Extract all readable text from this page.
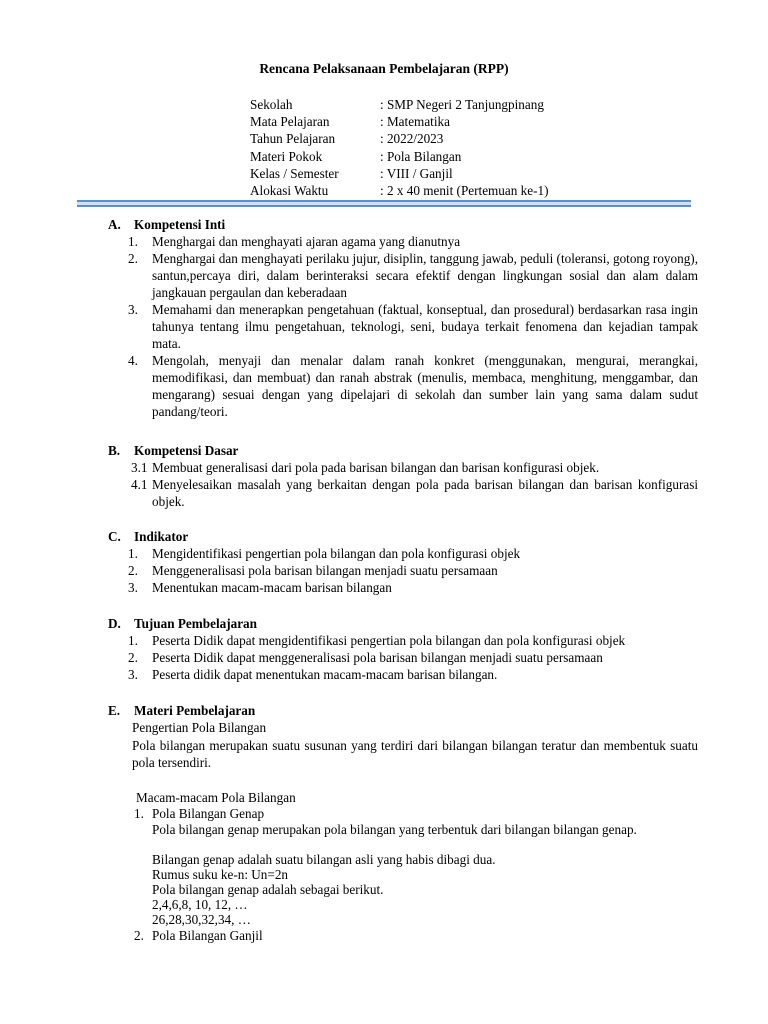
Rencana Pelaksanaan Pembelajaran (RPP)
Sekolah	: SMP Negeri 2 Tanjungpinang
Mata Pelajaran	: Matematika
Tahun Pelajaran	: 2022/2023
Materi Pokok	: Pola Bilangan
Kelas / Semester	: VIII / Ganjil
Alokasi Waktu	: 2 x 40 menit (Pertemuan ke-1)
A. Kompetensi Inti
1.	Menghargai dan menghayati ajaran agama yang dianutnya
2.	Menghargai dan menghayati perilaku jujur, disiplin, tanggung jawab, peduli (toleransi, gotong royong), santun,percaya diri, dalam berinteraksi secara efektif dengan lingkungan sosial dan alam dalam jangkauan pergaulan dan keberadaan
3.	Memahami dan menerapkan pengetahuan (faktual, konseptual, dan prosedural) berdasarkan rasa ingin tahunya tentang ilmu pengetahuan, teknologi, seni, budaya terkait fenomena dan kejadian tampak mata.
4.	Mengolah, menyaji dan menalar dalam ranah konkret (menggunakan, mengurai, merangkai, memodifikasi, dan membuat) dan ranah abstrak (menulis, membaca, menghitung, menggambar, dan mengarang) sesuai dengan yang dipelajari di sekolah dan sumber lain yang sama dalam sudut pandang/teori.
B. Kompetensi Dasar
3.1 Membuat generalisasi dari pola pada barisan bilangan dan barisan konfigurasi objek.
4.1 Menyelesaikan masalah yang berkaitan dengan pola pada barisan bilangan dan barisan konfigurasi objek.
C. Indikator
1.	Mengidentifikasi pengertian pola bilangan dan pola konfigurasi objek
2.	Menggeneralisasi pola barisan bilangan menjadi suatu persamaan
3.	Menentukan macam-macam barisan bilangan
D. Tujuan Pembelajaran
1.	Peserta Didik dapat mengidentifikasi pengertian pola bilangan dan pola konfigurasi objek
2.	Peserta Didik dapat menggeneralisasi pola barisan bilangan menjadi suatu persamaan
3.	Peserta didik dapat menentukan macam-macam barisan bilangan.
E. Materi Pembelajaran
Pengertian Pola Bilangan
Pola bilangan merupakan suatu susunan yang terdiri dari bilangan bilangan teratur dan membentuk suatu pola tersendiri.
Macam-macam Pola Bilangan
1. Pola Bilangan Genap
Pola bilangan genap merupakan pola bilangan yang terbentuk dari bilangan bilangan genap.
Bilangan genap adalah suatu bilangan asli yang habis dibagi dua.
Rumus suku ke-n: Un=2n
Pola bilangan genap adalah sebagai berikut.
2,4,6,8, 10, 12, …
26,28,30,32,34, …
2. Pola Bilangan Ganjil
